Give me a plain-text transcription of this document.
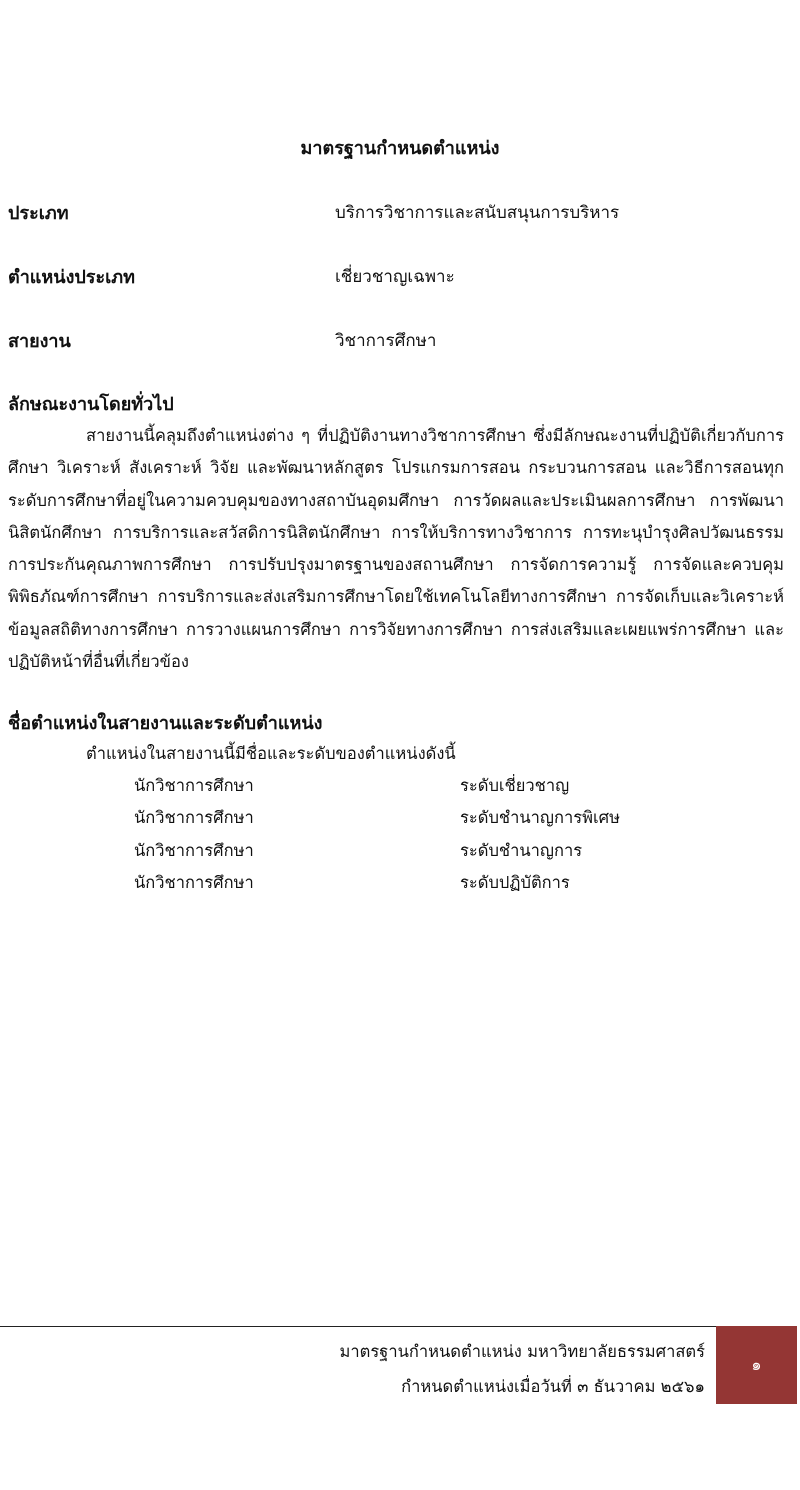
มาตรฐานกำหนดตำแหน่ง
ประเภท	บริการวิชาการและสนับสนุนการบริหาร
ตำแหน่งประเภท	เชี่ยวชาญเฉพาะ
สายงาน	วิชาการศึกษา
ลักษณะงานโดยทั่วไป
สายงานนี้คลุมถึงตำแหน่งต่าง ๆ ที่ปฏิบัติงานทางวิชาการศึกษา ซึ่งมีลักษณะงานที่ปฏิบัติเกี่ยวกับการศึกษา วิเคราะห์ สังเคราะห์ วิจัย และพัฒนาหลักสูตร โปรแกรมการสอน กระบวนการสอน และวิธีการสอนทุกระดับการศึกษาที่อยู่ในความควบคุมของทางสถาบันอุดมศึกษา การวัดผลและประเมินผลการศึกษา การพัฒนานิสิตนักศึกษา การบริการและสวัสดิการนิสิตนักศึกษา การให้บริการทางวิชาการ การทะนุบำรุงศิลปวัฒนธรรม การประกันคุณภาพการศึกษา การปรับปรุงมาตรฐานของสถานศึกษา การจัดการความรู้ การจัดและควบคุมพิพิธภัณฑ์การศึกษา การบริการและส่งเสริมการศึกษาโดยใช้เทคโนโลยีทางการศึกษา การจัดเก็บและวิเคราะห์ข้อมูลสถิติทางการศึกษา การวางแผนการศึกษา การวิจัยทางการศึกษา การส่งเสริมและเผยแพร่การศึกษา และปฏิบัติหน้าที่อื่นที่เกี่ยวข้อง
ชื่อตำแหน่งในสายงานและระดับตำแหน่ง
ตำแหน่งในสายงานนี้มีชื่อและระดับของตำแหน่งดังนี้
นักวิชาการศึกษา	ระดับเชี่ยวชาญ
นักวิชาการศึกษา	ระดับชำนาญการพิเศษ
นักวิชาการศึกษา	ระดับชำนาญการ
นักวิชาการศึกษา	ระดับปฏิบัติการ
มาตรฐานกำหนดตำแหน่ง มหาวิทยาลัยธรรมศาสตร์
กำหนดตำแหน่งเมื่อวันที่ ๓ ธันวาคม ๒๕๖๑
๑
